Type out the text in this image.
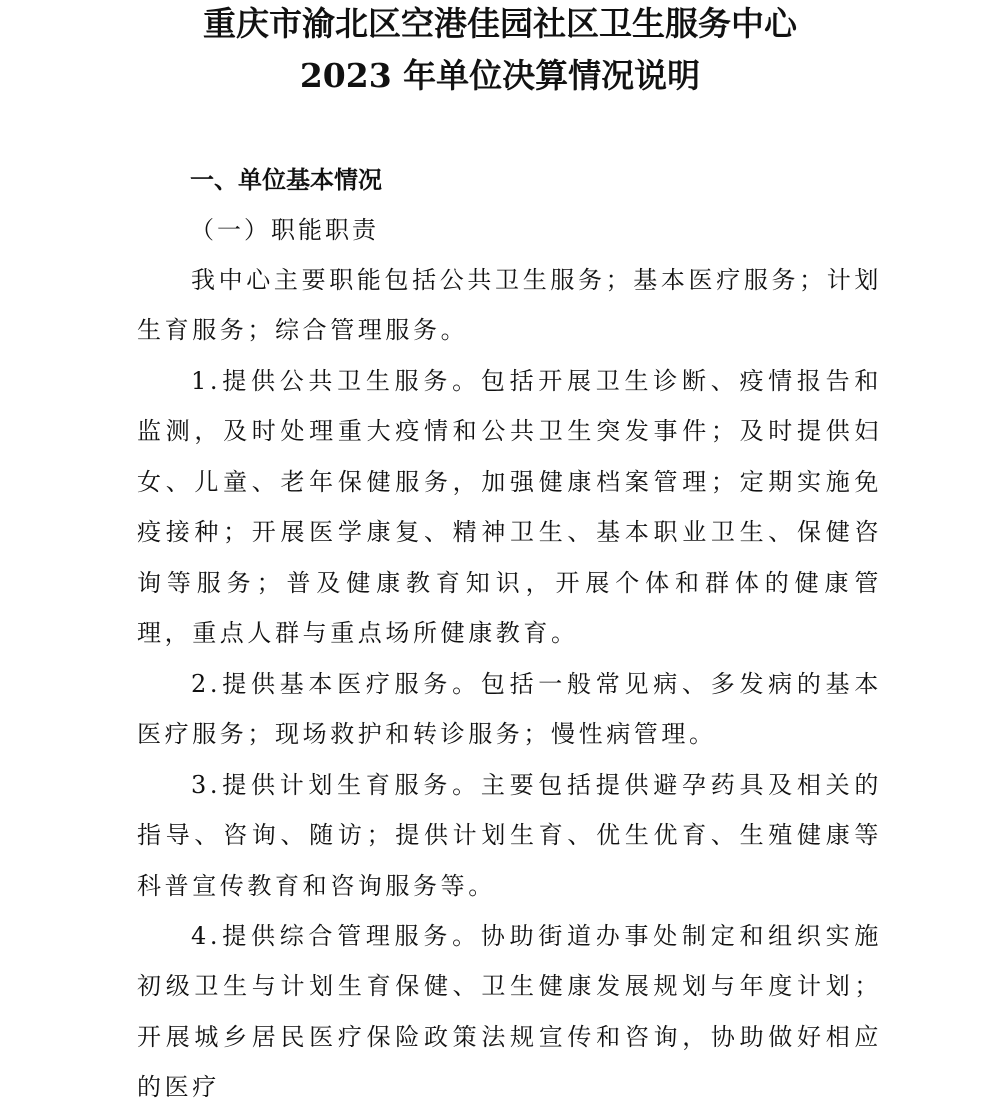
重庆市渝北区空港佳园社区卫生服务中心
2023 年单位决算情况说明
一、单位基本情况
（一）职能职责

我中心主要职能包括公共卫生服务；基本医疗服务；计划生育服务；综合管理服务。

1.提供公共卫生服务。包括开展卫生诊断、疫情报告和监测，及时处理重大疫情和公共卫生突发事件；及时提供妇女、儿童、老年保健服务，加强健康档案管理；定期实施免疫接种；开展医学康复、精神卫生、基本职业卫生、保健咨询等服务；普及健康教育知识，开展个体和群体的健康管理，重点人群与重点场所健康教育。

2.提供基本医疗服务。包括一般常见病、多发病的基本医疗服务；现场救护和转诊服务；慢性病管理。

3.提供计划生育服务。主要包括提供避孕药具及相关的指导、咨询、随访；提供计划生育、优生优育、生殖健康等科普宣传教育和咨询服务等。

4.提供综合管理服务。协助街道办事处制定和组织实施初级卫生与计划生育保健、卫生健康发展规划与年度计划；开展城乡居民医疗保险政策法规宣传和咨询，协助做好相应的医疗
